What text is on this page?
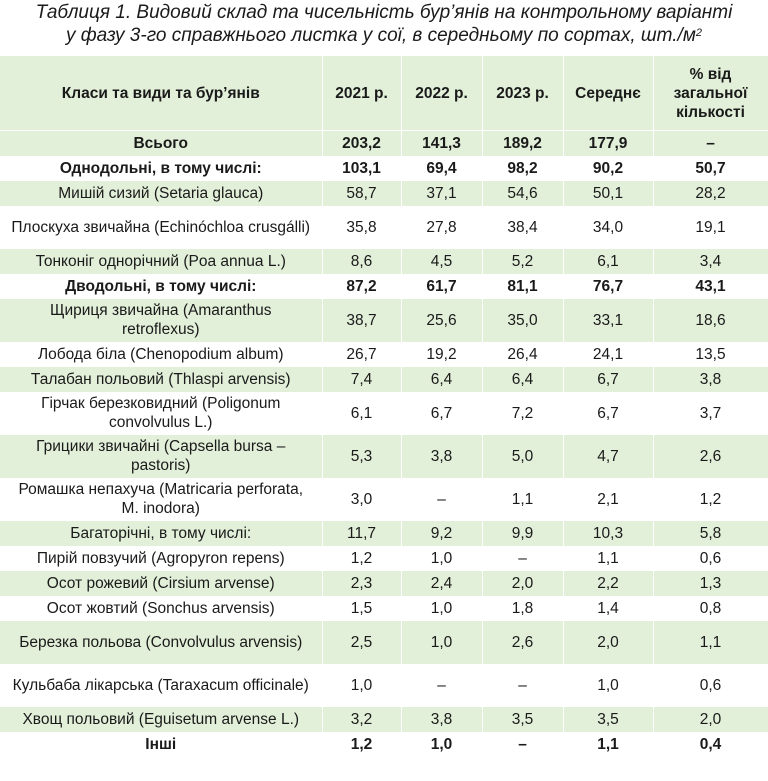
Таблиця 1. Видовий склад та чисельність бур’янів на контрольному варіанті
у фазу 3-го справжнього листка у сої, в середньому по сортах, $шт./м^2$
Класи та види та бур’янів	2021 р.	2022 р.	2023 р.	Середнє	% від загальної кількості
Всього	203,2	141,3	189,2	177,9	–
Однодольні, в тому числі:	103,1	69,4	98,2	90,2	50,7
Мишій сизий (Setaria glauca)	58,7	37,1	54,6	50,1	28,2
Плоскуха звичайна (Echinóchloa crusgálli)	35,8	27,8	38,4	34,0	19,1
Тонконіг однорічний (Poa annua L.)	8,6	4,5	5,2	6,1	3,4
Дводольні, в тому числі:	87,2	61,7	81,1	76,7	43,1
Щириця звичайна (Amaranthus retroflexus)	38,7	25,6	35,0	33,1	18,6
Лобода біла (Chenopodium album)	26,7	19,2	26,4	24,1	13,5
Талабан польовий (Thlaspi arvensis)	7,4	6,4	6,4	6,7	3,8
Гірчак березковидний (Poligonum convolvulus L.)	6,1	6,7	7,2	6,7	3,7
Грицики звичайні (Capsella bursa – pastoris)	5,3	3,8	5,0	4,7	2,6
Ромашка непахуча (Matricaria perforata, M. inodora)	3,0	–	1,1	2,1	1,2
Багаторічні, в тому числі:	11,7	9,2	9,9	10,3	5,8
Пирій повзучий (Agropyron repens)	1,2	1,0	–	1,1	0,6
Осот рожевий (Cirsium arvense)	2,3	2,4	2,0	2,2	1,3
Осот жовтий (Sonchus arvensis)	1,5	1,0	1,8	1,4	0,8
Березка польова (Convolvulus arvensis)	2,5	1,0	2,6	2,0	1,1
Кульбаба лікарська (Taraxacum officinale)	1,0	–	–	1,0	0,6
Хвощ польовий (Eguisetum arvense L.)	3,2	3,8	3,5	3,5	2,0
Інші	1,2	1,0	–	1,1	0,4
